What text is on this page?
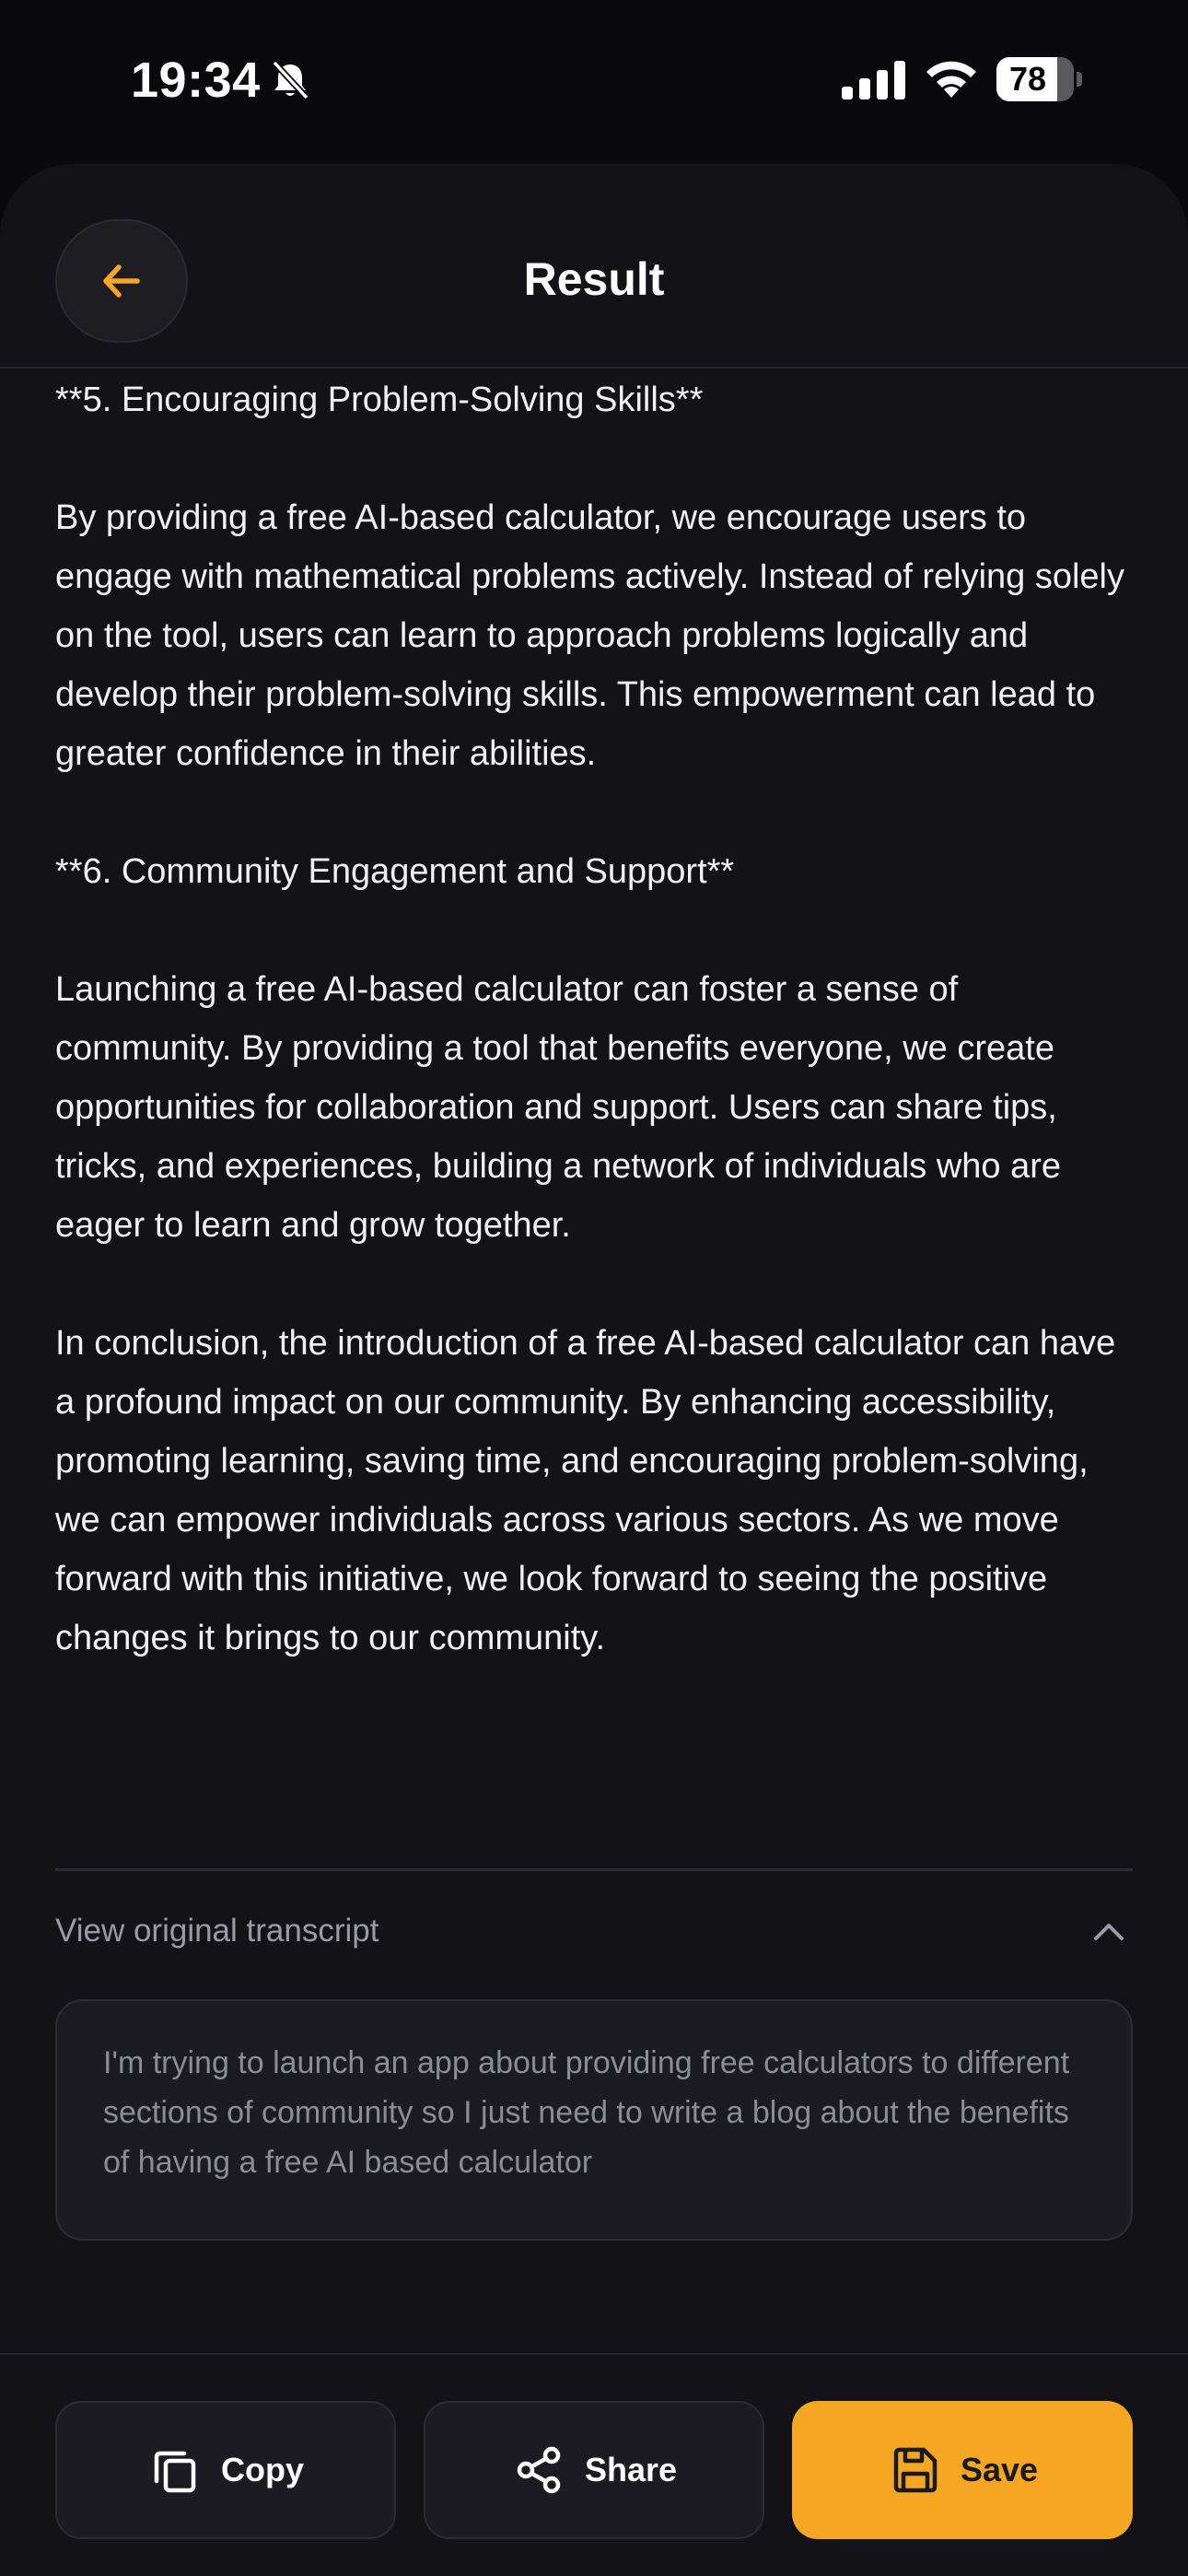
19:34	78
Result

**5. Encouraging Problem-Solving Skills**

By providing a free AI-based calculator, we encourage users to engage with mathematical problems actively. Instead of relying solely on the tool, users can learn to approach problems logically and develop their problem-solving skills. This empowerment can lead to greater confidence in their abilities.

**6. Community Engagement and Support**

Launching a free AI-based calculator can foster a sense of community. By providing a tool that benefits everyone, we create opportunities for collaboration and support. Users can share tips, tricks, and experiences, building a network of individuals who are eager to learn and grow together.

In conclusion, the introduction of a free AI-based calculator can have a profound impact on our community. By enhancing accessibility, promoting learning, saving time, and encouraging problem-solving, we can empower individuals across various sectors. As we move forward with this initiative, we look forward to seeing the positive changes it brings to our community.

View original transcript
I'm trying to launch an app about providing free calculators to different sections of community so I just need to write a blog about the benefits of having a free AI based calculator
Copy	Share	Save
